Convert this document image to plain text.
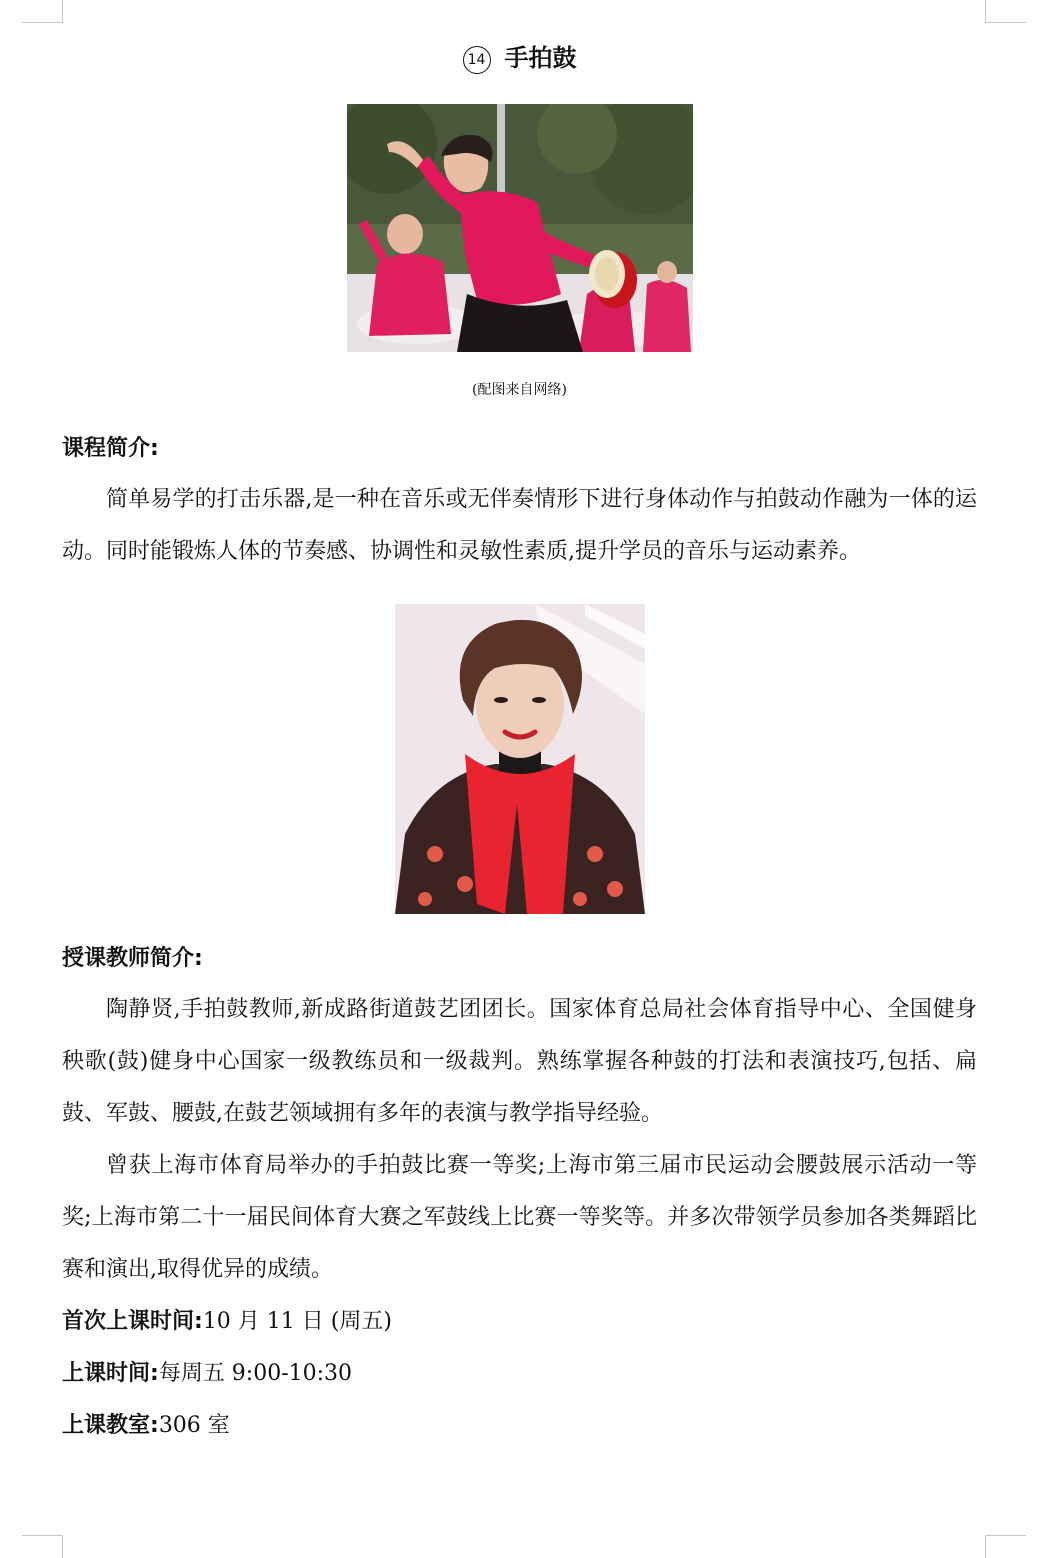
14 手拍鼓
(配图来自网络)
课程简介:

简单易学的打击乐器,是一种在音乐或无伴奏情形下进行身体动作与拍鼓动作融为一体的运动。同时能锻炼人体的节奏感、协调性和灵敏性素质,提升学员的音乐与运动素养。

授课教师简介:

陶静贤,手拍鼓教师,新成路街道鼓艺团团长。国家体育总局社会体育指导中心、全国健身秧歌(鼓)健身中心国家一级教练员和一级裁判。熟练掌握各种鼓的打法和表演技巧,包括、扁鼓、军鼓、腰鼓,在鼓艺领域拥有多年的表演与教学指导经验。

曾获上海市体育局举办的手拍鼓比赛一等奖;上海市第三届市民运动会腰鼓展示活动一等奖;上海市第二十一届民间体育大赛之军鼓线上比赛一等奖等。并多次带领学员参加各类舞蹈比赛和演出,取得优异的成绩。

首次上课时间:10 月 11 日 (周五)

上课时间:每周五 9:00-10:30

上课教室:306 室
